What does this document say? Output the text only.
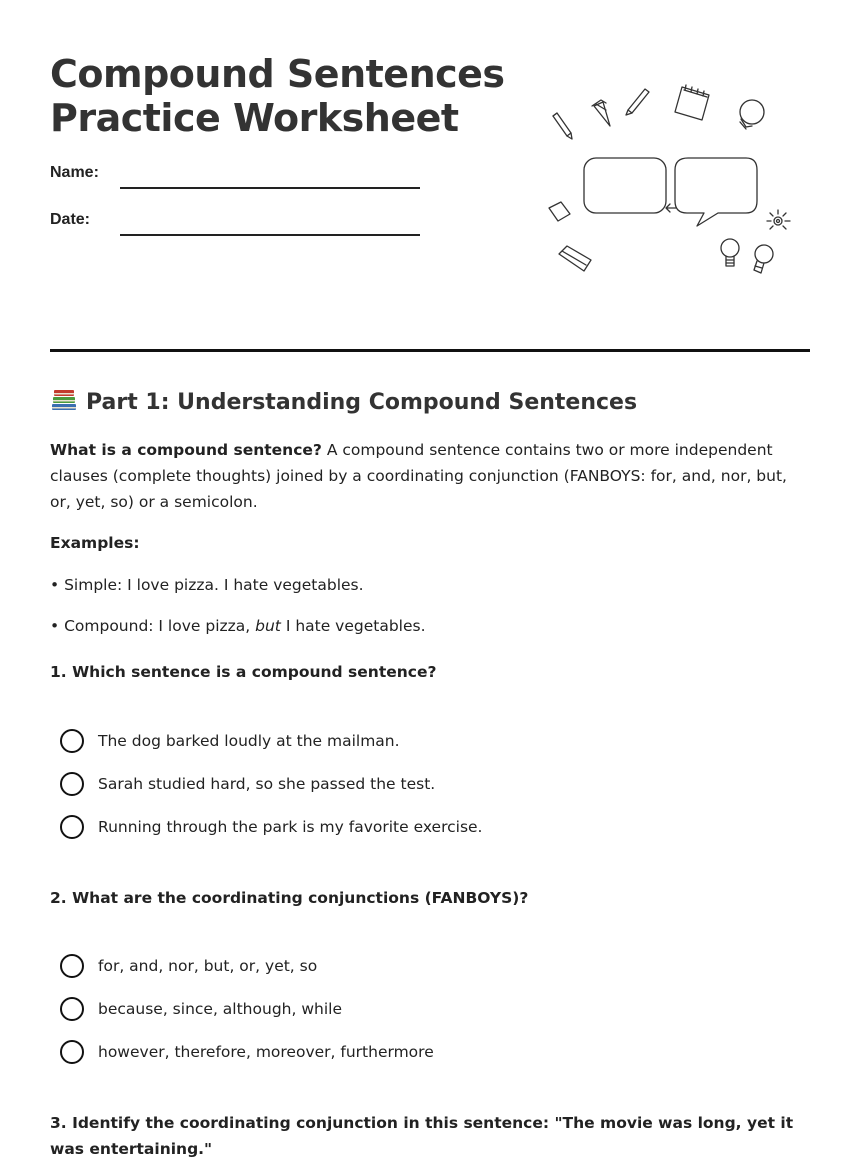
Compound Sentences
Practice Worksheet
Name:
Date:
Part 1: Understanding Compound Sentences

What is a compound sentence? A compound sentence contains two or more independent clauses (complete thoughts) joined by a coordinating conjunction (FANBOYS: for, and, nor, but, or, yet, so) or a semicolon.

Examples:

• Simple: I love pizza. I hate vegetables.

• Compound: I love pizza, but I hate vegetables.

1. Which sentence is a compound sentence?

The dog barked loudly at the mailman.
Sarah studied hard, so she passed the test.
Running through the park is my favorite exercise.

2. What are the coordinating conjunctions (FANBOYS)?

for, and, nor, but, or, yet, so
because, since, although, while
however, therefore, moreover, furthermore

3. Identify the coordinating conjunction in this sentence: "The movie was long, yet it was entertaining."
